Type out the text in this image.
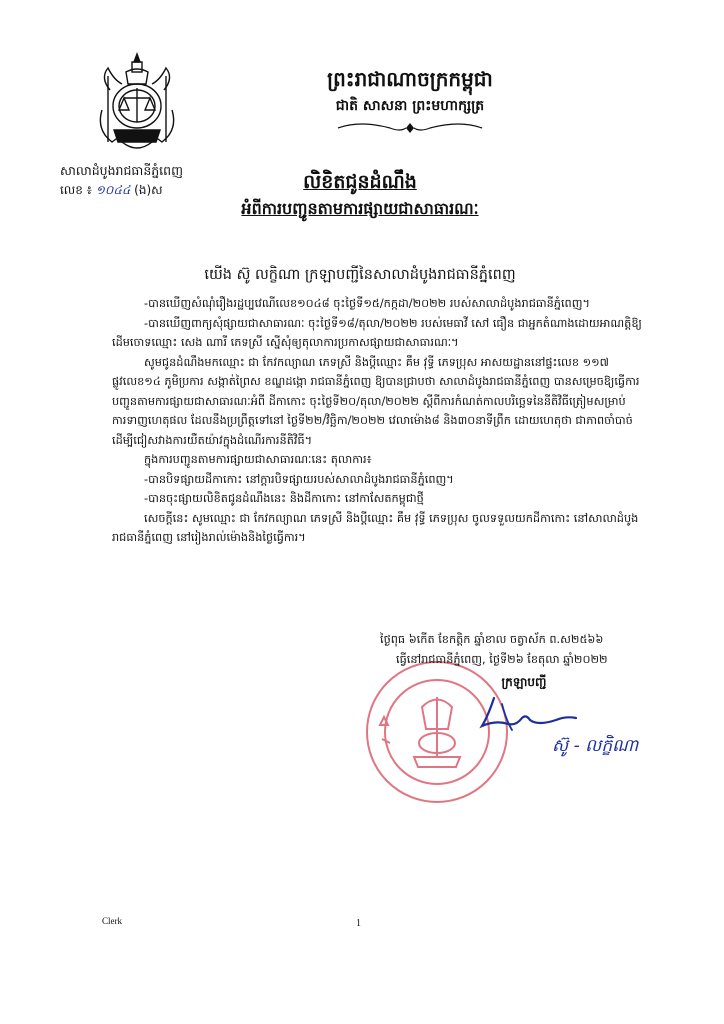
ព្រះរាជាណាចក្រកម្ពុជា
ជាតិ សាសនា ព្រះមហាក្សត្រ
សាលាដំបូងរាជធានីភ្នំពេញ
លេខ ៖ ១០៤៤ (ង)​ស	លិខិតជូនដំណឹង
អំពីការបញ្ជូនតាមការផ្សាយជាសាធារណៈ
យើង ស៊ូ លក្ខិណា ក្រឡាបញ្ជីនៃសាលាដំបូងរាជធានីភ្នំពេញ

-បានឃើញសំណុំរឿងរដ្ឋប្បវេណីលេខ១០៤៨ ចុះថ្ងៃទី១៥/កក្កដា/២០២២ របស់សាលាដំបូងរាជធានីភ្នំពេញ។

-បានឃើញពាក្យសុំផ្សាយជាសាធារណៈ ចុះថ្ងៃទី១៨/តុលា/២០២២ របស់មេធាវី សៅ ធឿន ជាអ្នកតំណាងដោយអាណត្តិឱ្យដើមចោទឈ្មោះ សេង ណារី ភេទស្រី ស្នើសុំឲ្យតុលាការប្រកាសផ្សាយជាសាធារណៈ។

សូមជូនដំណឹងមកឈ្មោះ ជា កែវកល្យាណ ភេទស្រី និងប្តីឈ្មោះ គឹម វុទ្ធី ភេទប្រុស អាសយដ្ឋាននៅផ្ទះលេខ ១១៧ ផ្លូវលេខ១៤ ភូមិប្រការ សង្កាត់ព្រៃស ខណ្ឌដង្កោ រាជធានីភ្នំពេញ ឱ្យបានជ្រាបថា សាលាដំបូងរាជធានីភ្នំពេញ បានសម្រេចឱ្យធ្វើការបញ្ជូនតាមការផ្សាយជាសាធារណៈអំពី ដីកាកោះ ចុះថ្ងៃទី២០/តុលា/២០២២ ស្តីពីការកំណត់កាលបរិច្ឆេទនៃនីតិវិធីត្រៀមសម្រាប់ការទាញហេតុផល ដែលនឹងប្រព្រឹត្តទៅនៅ ថ្ងៃទី២២/វិច្ឆិកា/២០២២ វេលាម៉ោង៨ និង៣០នាទីព្រឹក ដោយហេតុថា ជាភាពចាំបាច់ដើម្បីជៀសវាងការយឺតយ៉ាវក្នុងដំណើរការនីតិវិធី។

ក្នុងការបញ្ជូនតាមការផ្សាយជាសាធារណៈនេះ តុលាការ៖

-បានបិទផ្សាយដីកាកោះ នៅក្តារបិទផ្សាយរបស់សាលាដំបូងរាជធានីភ្នំពេញ។

-បានចុះផ្សាយលិខិតជូនដំណឹងនេះ និងដីកាកោះ នៅកាសែតកម្ពុជាថ្មី

សេចក្តីនេះ សូមឈ្មោះ ជា កែវកល្យាណ ភេទស្រី និងប្តីឈ្មោះ គឹម វុទ្ធី ភេទប្រុស ចូលទទួលយកដីកាកោះ នៅសាលាដំបូងរាជធានីភ្នំពេញ នៅរៀងរាល់ម៉ោងនិងថ្ងៃធ្វើការ។

ថ្ងៃពុធ ៦កើត ខែកត្តិក ឆ្នាំខាល ចត្វាស័ក ព.ស២៥៦៦
ធ្វើនៅរាជធានីភ្នំពេញ, ថ្ងៃទី២៦ ខែតុលា ឆ្នាំ២០២២
ក្រឡាបញ្ជី
ស៊ូ - លក្ខិណា
Clerk	1
